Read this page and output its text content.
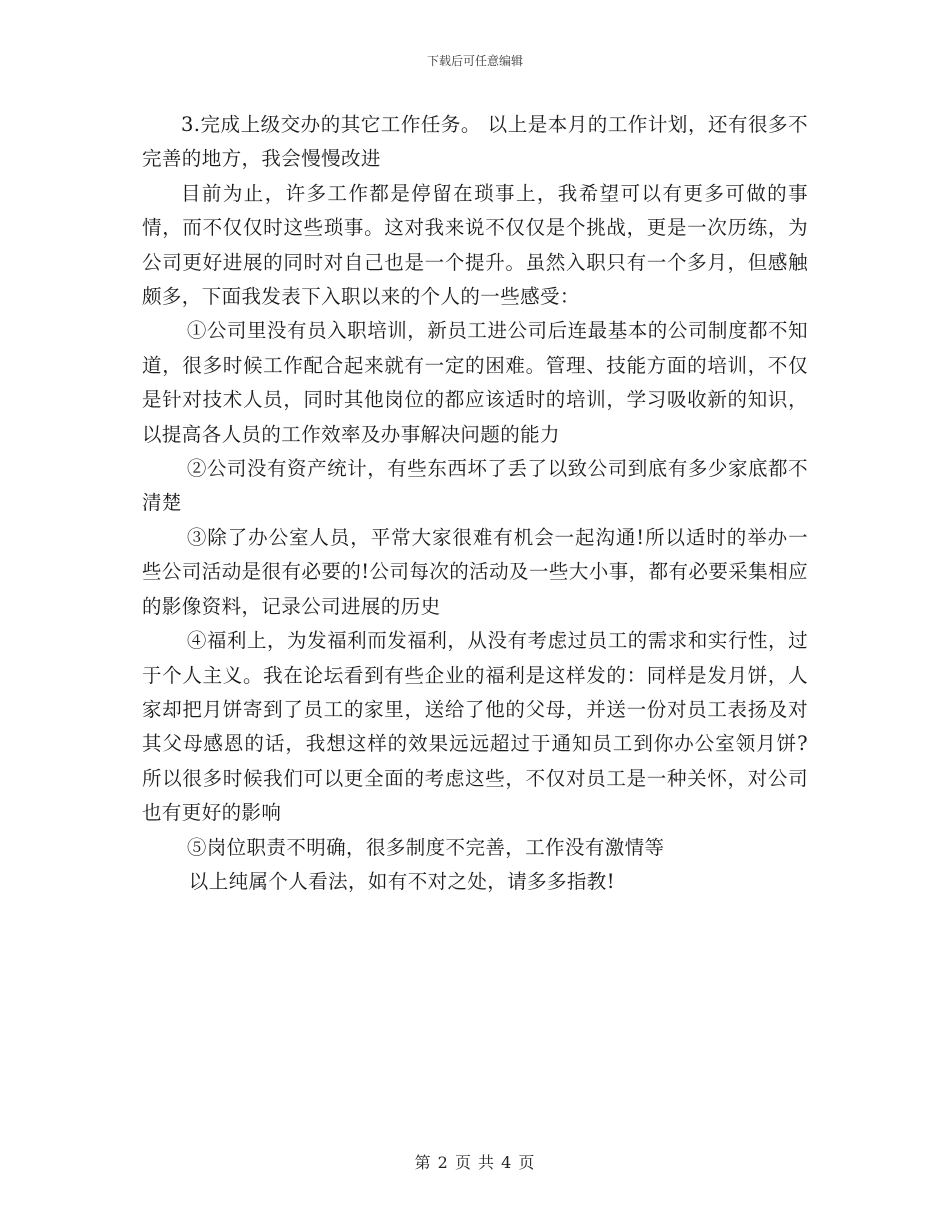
下载后可任意编辑

3.完成上级交办的其它工作任务。 以上是本月的工作计划，还有很多不完善的地方，我会慢慢改进

目前为止，许多工作都是停留在琐事上，我希望可以有更多可做的事情，而不仅仅时这些琐事。这对我来说不仅仅是个挑战，更是一次历练，为公司更好进展的同时对自己也是一个提升。虽然入职只有一个多月，但感触颇多，下面我发表下入职以来的个人的一些感受：

①公司里没有员入职培训，新员工进公司后连最基本的公司制度都不知道，很多时候工作配合起来就有一定的困难。管理、技能方面的培训，不仅是针对技术人员，同时其他岗位的都应该适时的培训，学习吸收新的知识，以提高各人员的工作效率及办事解决问题的能力

②公司没有资产统计，有些东西坏了丢了以致公司到底有多少家底都不清楚

③除了办公室人员，平常大家很难有机会一起沟通!所以适时的举办一些公司活动是很有必要的!公司每次的活动及一些大小事，都有必要采集相应的影像资料，记录公司进展的历史

④福利上，为发福利而发福利，从没有考虑过员工的需求和实行性，过于个人主义。我在论坛看到有些企业的福利是这样发的：同样是发月饼，人家却把月饼寄到了员工的家里，送给了他的父母，并送一份对员工表扬及对其父母感恩的话，我想这样的效果远远超过于通知员工到你办公室领月饼?所以很多时候我们可以更全面的考虑这些，不仅对员工是一种关怀，对公司也有更好的影响

⑤岗位职责不明确，很多制度不完善，工作没有激情等

以上纯属个人看法，如有不对之处，请多多指教!

第 2 页 共 4 页
